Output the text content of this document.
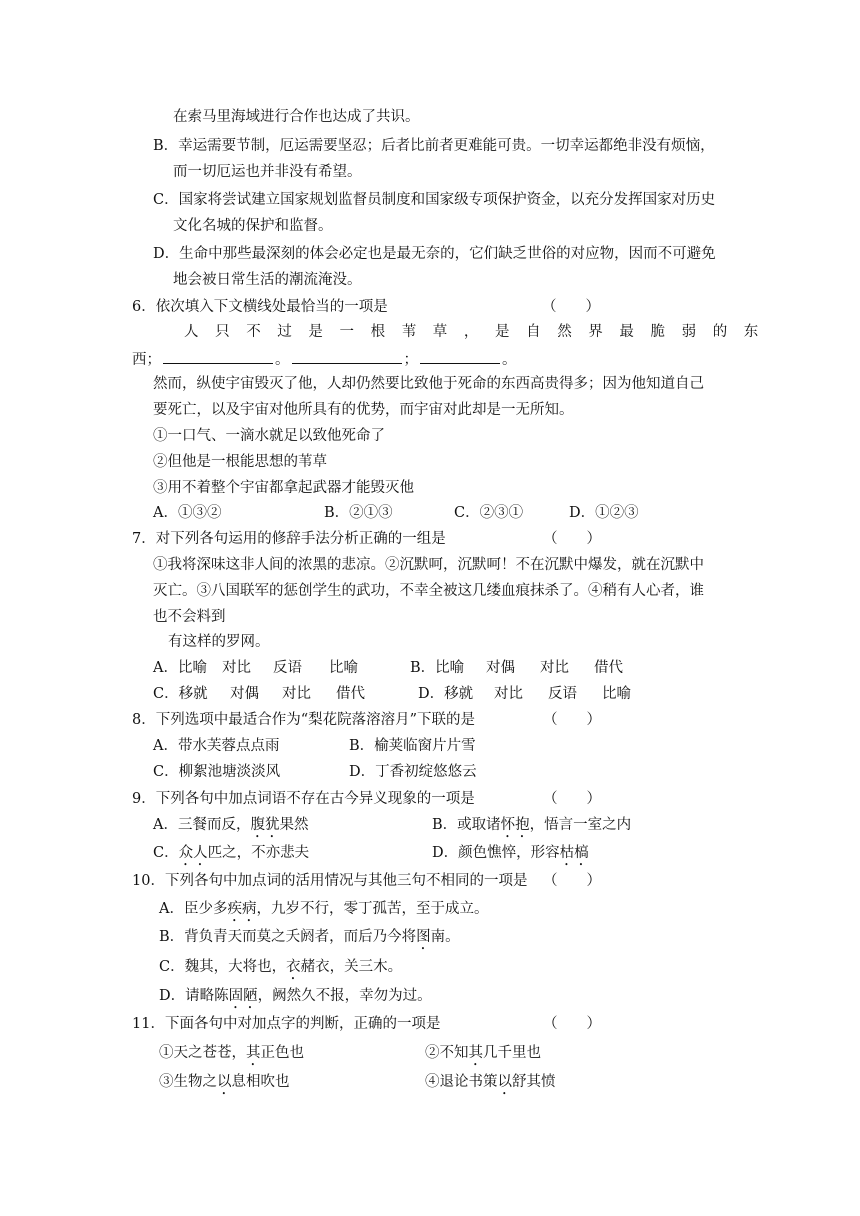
在索马里海域进行合作也达成了共识。
B．幸运需要节制，厄运需要坚忍；后者比前者更难能可贵。一切幸运都绝非没有烦恼，
而一切厄运也并非没有希望。
C．国家将尝试建立国家规划监督员制度和国家级专项保护资金，以充分发挥国家对历史
文化名城的保护和监督。
D．生命中那些最深刻的体会必定也是最无奈的，它们缺乏世俗的对应物，因而不可避免
地会被日常生活的潮流淹没。
6．依次填入下文横线处最恰当的一项是	（　　）
人只不过是一根苇草，是自然界最脆弱的东
西；	。	；	。
然而，纵使宇宙毁灭了他，人却仍然要比致他于死命的东西高贵得多；因为他知道自己
要死亡，以及宇宙对他所具有的优势，而宇宙对此却是一无所知。
①一口气、一滴水就足以致他死命了
②但他是一根能思想的苇草
③用不着整个宇宙都拿起武器才能毁灭他
A．①③②	B．②①③	C．②③①	D．①②③
7．对下列各句运用的修辞手法分析正确的一组是	（　　）
①我将深味这非人间的浓黑的悲凉。②沉默呵，沉默呵！不在沉默中爆发，就在沉默中
灭亡。③八国联军的惩创学生的武功，不幸全被这几缕血痕抹杀了。④稍有人心者，谁
也不会料到
有这样的罗网。
A．比喻 对比 反语 比喻	B．比喻 对偶 对比 借代
C．移就 对偶 对比 借代	D．移就 对比 反语 比喻
8．下列选项中最适合作为“梨花院落溶溶月”下联的是	（　　）
A．带水芙蓉点点雨	B．榆荚临窗片片雪
C．柳絮池塘淡淡风	D．丁香初绽悠悠云
9．下列各句中加点词语不存在古今异义现象的一项是	（　　）
A．三餐而反，腹犹果然	B．或取诸怀抱，悟言一室之内
C．众人匹之，不亦悲夫	D．颜色憔悴，形容枯槁
10．下列各句中加点词的活用情况与其他三句不相同的一项是 （　　）
A．臣少多疾病，九岁不行，零丁孤苦，至于成立。
B．背负青天而莫之夭阏者，而后乃今将图南。
C．魏其，大将也，衣赭衣，关三木。
D．请略陈固陋，阙然久不报，幸勿为过。
11．下面各句中对加点字的判断，正确的一项是	（　　）
①天之苍苍，其正色也	②不知其几千里也
③生物之以息相吹也	④退论书策以舒其愤
